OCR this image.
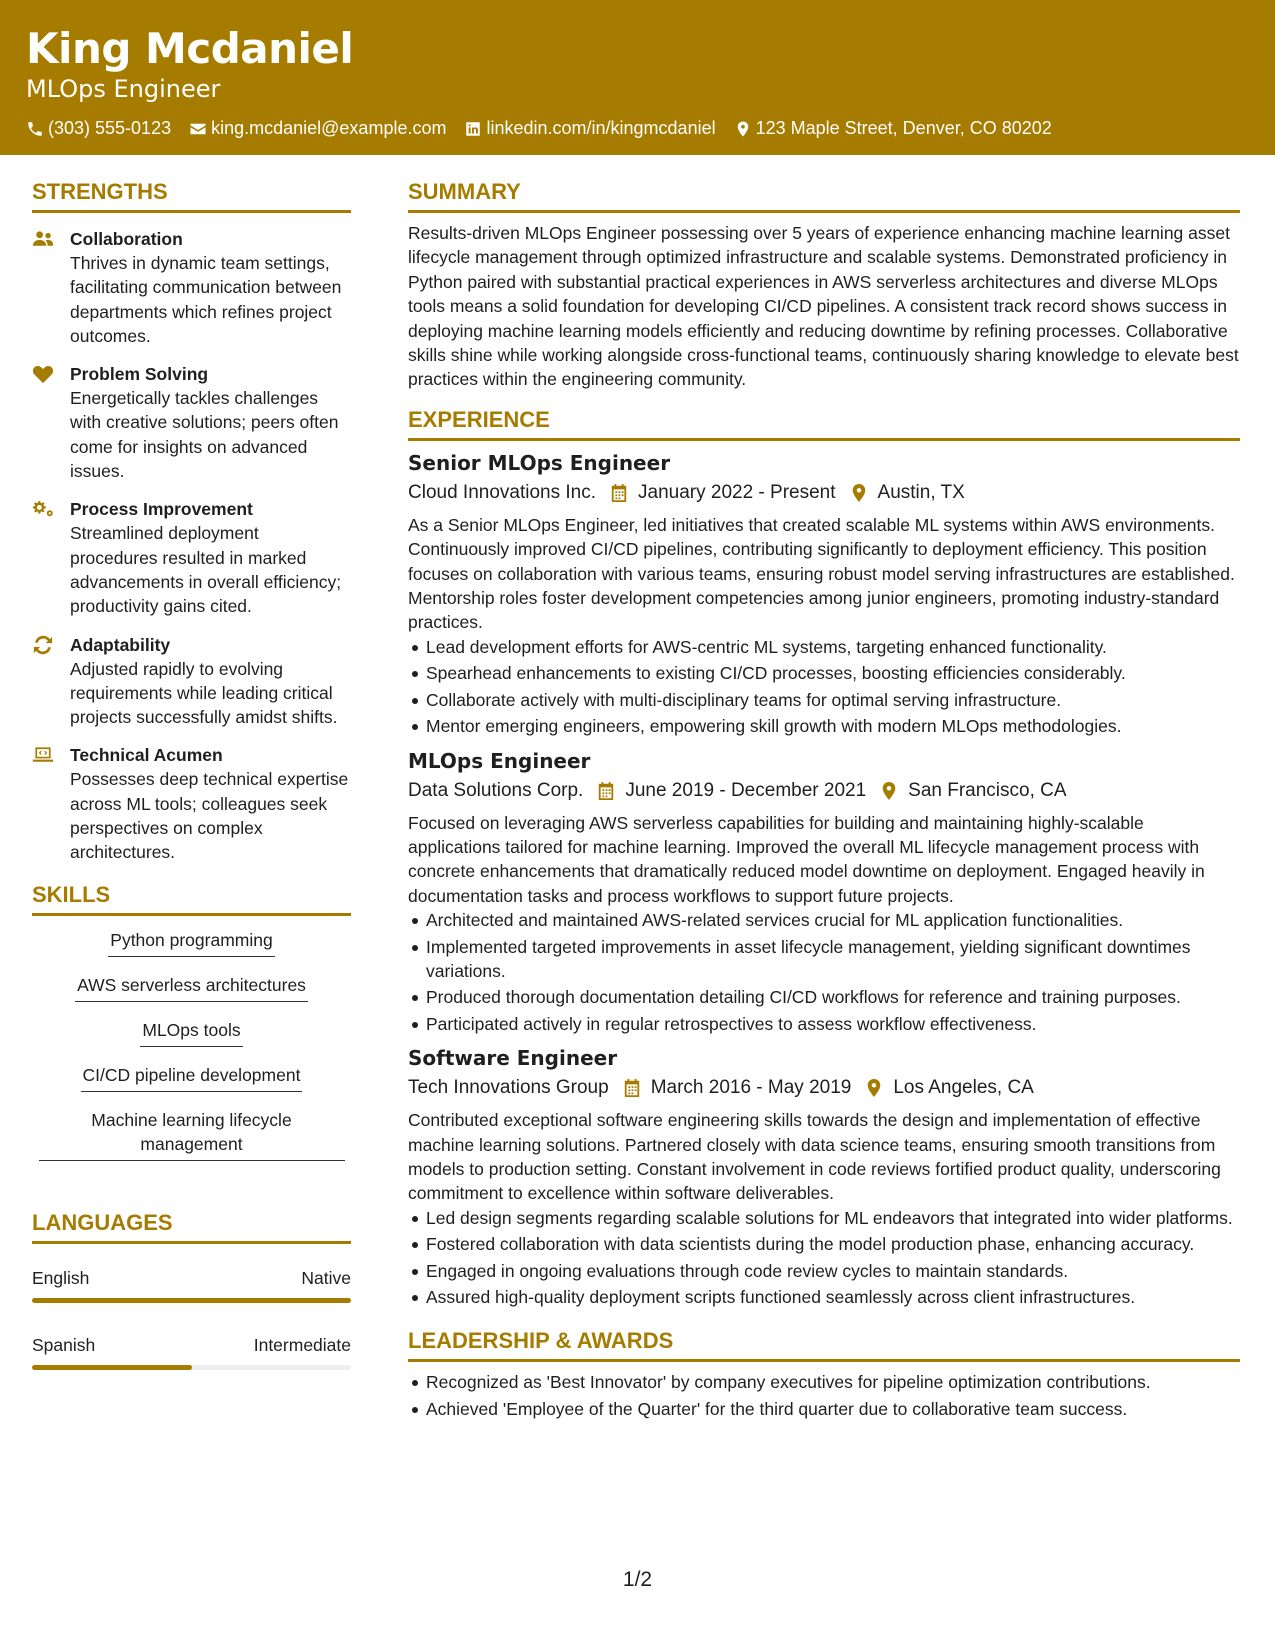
King Mcdaniel
MLOps Engineer
(303) 555-0123 king.mcdaniel@example.com linkedin.com/in/kingmcdaniel 123 Maple Street, Denver, CO 80202
STRENGTHS
Collaboration
Thrives in dynamic team settings, facilitating communication between departments which refines project outcomes.
Problem Solving
Energetically tackles challenges with creative solutions; peers often come for insights on advanced issues.
Process Improvement
Streamlined deployment procedures resulted in marked advancements in overall efficiency; productivity gains cited.
Adaptability
Adjusted rapidly to evolving requirements while leading critical projects successfully amidst shifts.
Technical Acumen
Possesses deep technical expertise across ML tools; colleagues seek perspectives on complex architectures.
SKILLS
Python programming
AWS serverless architectures
MLOps tools
CI/CD pipeline development
Machine learning lifecycle management
LANGUAGES
English	Native
Spanish	Intermediate
SUMMARY
Results-driven MLOps Engineer possessing over 5 years of experience enhancing machine learning asset lifecycle management through optimized infrastructure and scalable systems. Demonstrated proficiency in Python paired with substantial practical experiences in AWS serverless architectures and diverse MLOps tools means a solid foundation for developing CI/CD pipelines. A consistent track record shows success in deploying machine learning models efficiently and reducing downtime by refining processes. Collaborative skills shine while working alongside cross-functional teams, continuously sharing knowledge to elevate best practices within the engineering community.
EXPERIENCE
Senior MLOps Engineer
Cloud Innovations Inc. January 2022 - Present Austin, TX
As a Senior MLOps Engineer, led initiatives that created scalable ML systems within AWS environments. Continuously improved CI/CD pipelines, contributing significantly to deployment efficiency. This position focuses on collaboration with various teams, ensuring robust model serving infrastructures are established. Mentorship roles foster development competencies among junior engineers, promoting industry-standard practices.
Lead development efforts for AWS-centric ML systems, targeting enhanced functionality.
Spearhead enhancements to existing CI/CD processes, boosting efficiencies considerably.
Collaborate actively with multi-disciplinary teams for optimal serving infrastructure.
Mentor emerging engineers, empowering skill growth with modern MLOps methodologies.
MLOps Engineer
Data Solutions Corp. June 2019 - December 2021 San Francisco, CA
Focused on leveraging AWS serverless capabilities for building and maintaining highly-scalable applications tailored for machine learning. Improved the overall ML lifecycle management process with concrete enhancements that dramatically reduced model downtime on deployment. Engaged heavily in documentation tasks and process workflows to support future projects.
Architected and maintained AWS-related services crucial for ML application functionalities.
Implemented targeted improvements in asset lifecycle management, yielding significant downtimes variations.
Produced thorough documentation detailing CI/CD workflows for reference and training purposes.
Participated actively in regular retrospectives to assess workflow effectiveness.
Software Engineer
Tech Innovations Group March 2016 - May 2019 Los Angeles, CA
Contributed exceptional software engineering skills towards the design and implementation of effective machine learning solutions. Partnered closely with data science teams, ensuring smooth transitions from models to production setting. Constant involvement in code reviews fortified product quality, underscoring commitment to excellence within software deliverables.
Led design segments regarding scalable solutions for ML endeavors that integrated into wider platforms.
Fostered collaboration with data scientists during the model production phase, enhancing accuracy.
Engaged in ongoing evaluations through code review cycles to maintain standards.
Assured high-quality deployment scripts functioned seamlessly across client infrastructures.
LEADERSHIP & AWARDS
Recognized as 'Best Innovator' by company executives for pipeline optimization contributions.
Achieved 'Employee of the Quarter' for the third quarter due to collaborative team success.
1/2
